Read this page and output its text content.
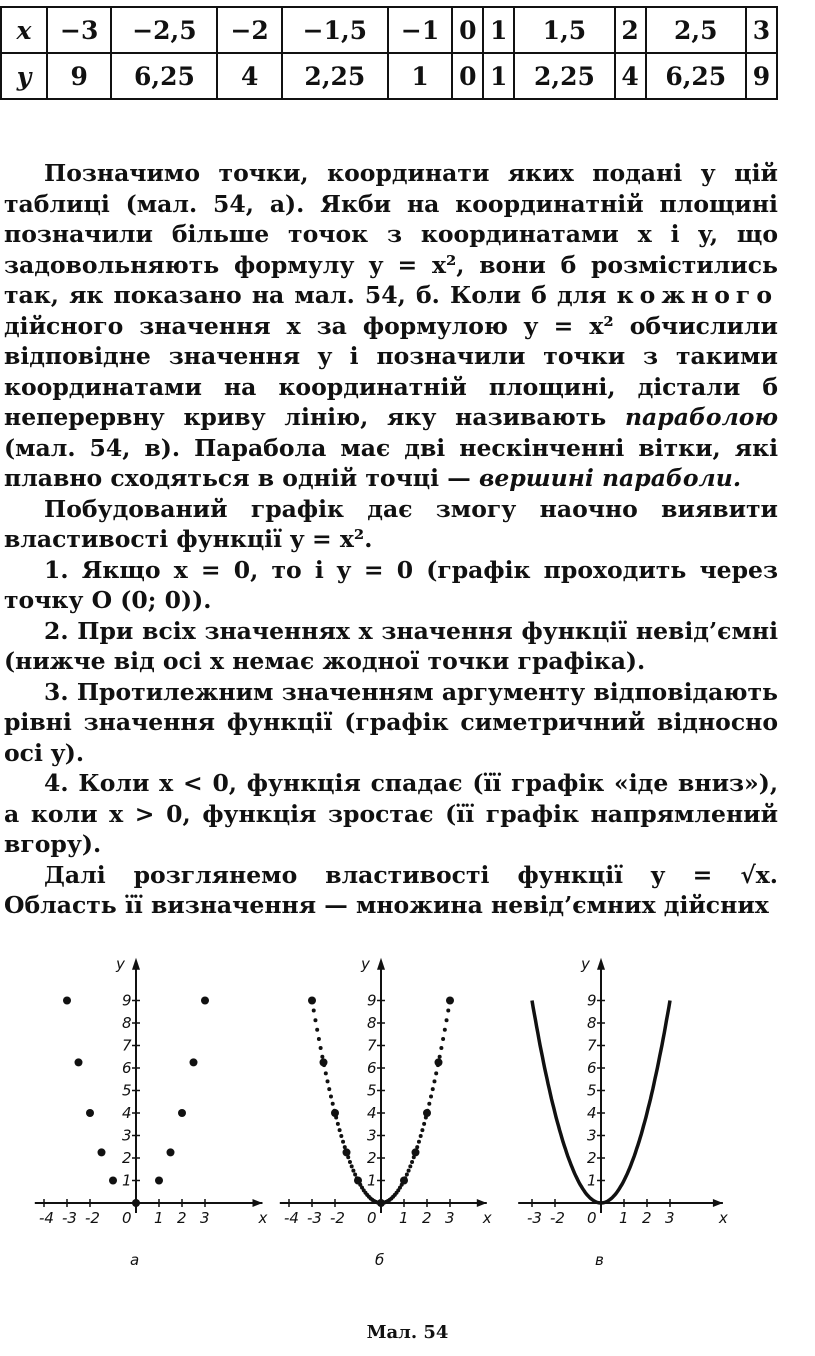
x	−3	−2,5	−2	−1,5	−1	0	1	1,5	2	2,5	3
y	9	6,25	4	2,25	1	0	1	2,25	4	6,25	9

Позначимо точки, координати яких подані у цій таблиці (мал. 54, а). Якби на координатній площині позначили більше точок з координатами x і y, що задовольняють формулу y = x², вони б розмістились так, як показано на мал. 54, б. Коли б для кожного дійсного значення x за формулою y = x² обчислили відповідне значення y і позначили точки з такими координатами на координатній площині, дістали б неперервну криву лінію, яку називають параболою (мал. 54, в). Парабола має дві нескінченні вітки, які плавно сходяться в одній точці — вершині параболи.

Побудований графік дає змогу наочно виявити властивості функції y = x².

1. Якщо x = 0, то і y = 0 (графік проходить через точку O (0; 0)).

2. При всіх значеннях x значення функції невід’ємні (нижче від осі x немає жодної точки графіка).

3. Протилежним значенням аргументу відповідають рівні значення функції (графік симетричний відносно осі y).

4. Коли x < 0, функція спадає (її графік «іде вниз»), а коли x > 0, функція зростає (її графік напрямлений вгору).

Далі розглянемо властивості функції y = √x. Область її визначення — множина невід’ємних дійсних

x
y
0
1
2
3
4
5
6
7
8
9
-4 -3 -2	1 2 3
а
x
y
0
1
2
3
4
5
6
7
8
9
-4 -3 -2	1 2 3
б
x
y
0
1
2
3
4
5
6
7
8
9
-3 -2	1 2 3
в
Мал. 54
